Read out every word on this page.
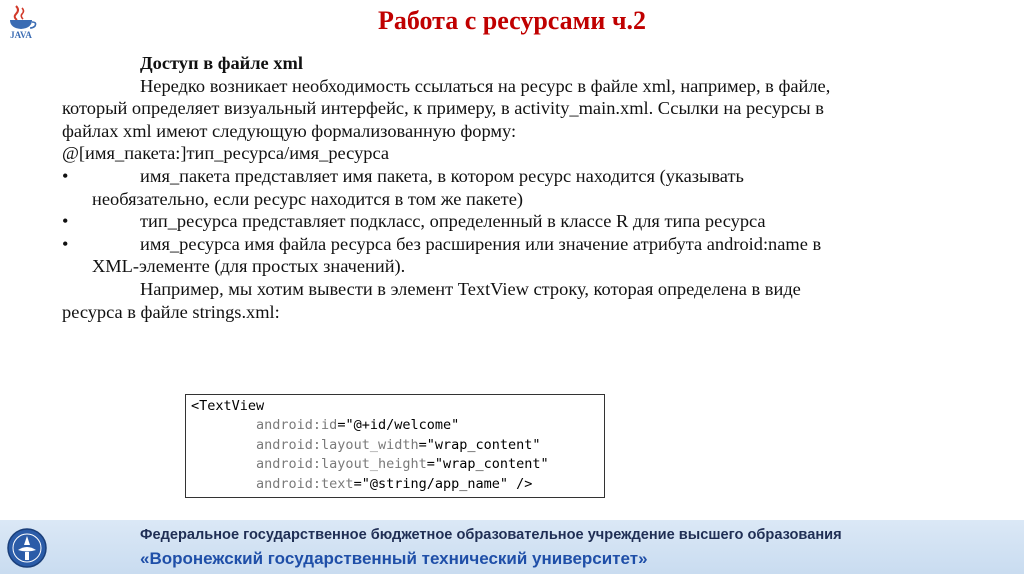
JAVA	Работа с ресурсами ч.2

Доступ в файле xml

Нередко возникает необходимость ссылаться на ресурс в файле xml, например, в файле,

который определяет визуальный интерфейс, к примеру, в activity_main.xml. Ссылки на ресурсы в

файлах xml имеют следующую формализованную форму:

@[имя_пакета:]тип_ресурса/имя_ресурса

•	имя_пакета представляет имя пакета, в котором ресурс находится (указывать

необязательно, если ресурс находится в том же пакете)

•	тип_ресурса представляет подкласс, определенный в классе R для типа ресурса

•	имя_ресурса имя файла ресурса без расширения или значение атрибута android:name в

XML-элементе (для простых значений).

Например, мы хотим вывести в элемент TextView строку, которая определена в виде

ресурса в файле strings.xml:

<TextView
android:id="@+id/welcome"
android:layout_width="wrap_content"
android:layout_height="wrap_content"
android:text="@string/app_name" />
Федеральное государственное бюджетное образовательное учреждение высшего образования
«Воронежский государственный технический университет»
